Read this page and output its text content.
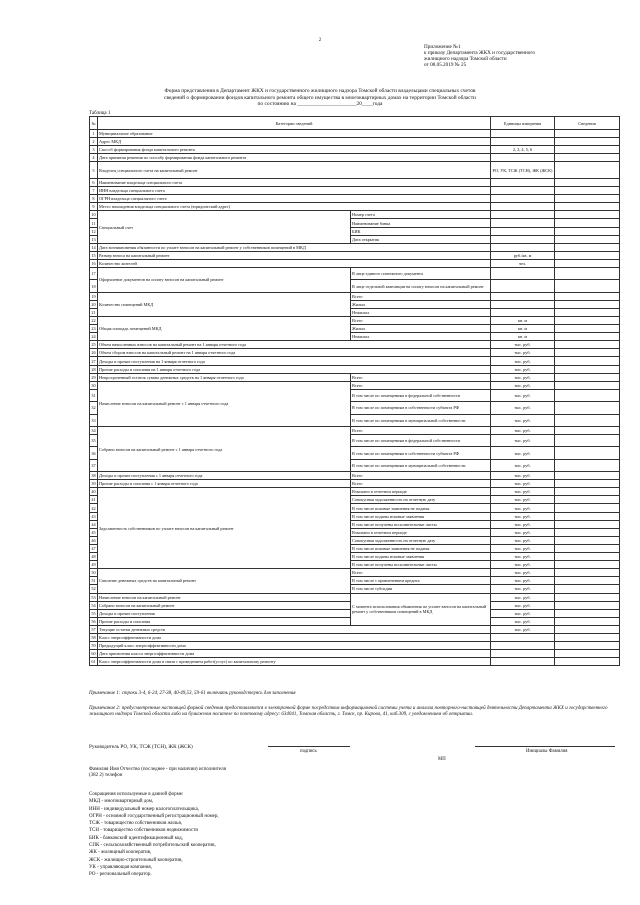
2
Приложение №1
к приказу Департамента ЖКХ и государственного
жилищного надзора Томской области
от 08.05.2019 № 25
Форма представления в Департамент ЖКХ и государственного жилищного надзора Томской области владельцами специальных счетов
сведений о формировании фондов капитального ремонта общего имущества в многоквартирных домах на территории Томской области
по состоянию на ______________________20____года
Таблица 1
№	Категории сведений		Единицы измерения	Сведения
1	Муниципальное образование			
2	Адрес МКД			
3	Способ формирования фонда капитального ремонта		2, 3, 4, 5, 6	
4	Дата принятия решения по способу формирования фонда капитального ремонта			
5	Владелец специального счета на капитальный ремонт		РО, УК, ТСЖ (ТСН), ЖК (ЖСК)	
6	Наименование владельца специального счета			
7	ИНН владельца специального счета			
8	ОГРН владельца специального счета			
9	Место нахождения владельца специального счета (юридический адрес)			
10	Специальный счет	Номер счета		
11		Наименование банка		
12		БИК		
13		Дата открытия		
14	Дата возникновения обязанности по уплате взносов на капитальный ремонт у собственников помещений в МКД			
15	Размер взноса на капитальный ремонт		руб./кв. м	
16	Количество жителей		чел.	
17	Оформление документов на оплату взносов на капитальный ремонт	В лице единого платежного документа		
18		В лице отдельной квитанции на оплату взносов на капитальный ремонт		
19	Количество помещений МКД	Всего		
20		Жилых		
21		Нежилых		
22	Общая площадь помещений МКД	Всего	кв. м	
23		Жилых	кв. м	
24		Нежилых	кв. м	
25	Объем начисленных взносов на капитальный ремонт на 1 января отчетного года		тыс. руб.	
26	Объем сбором взносов на капитальный ремонт на 1 января отчетного года		тыс. руб.	
27	Доходы и прочие поступления на 1 января отчетного года		тыс. руб.	
28	Прочие расходы и списания на 1 января отчетного года		тыс. руб.	
29	Непросроченный остаток суммы денежных средств на 1 января отчетного года	Всего	тыс. руб.	
30	Начисление взносов на капитальный ремонт с 1 января отчетного года	Всего	тыс. руб.	
31		В том числе по помещениям в федеральной собственности	тыс. руб.	
32		В том числе по помещениям в собственности субъекта РФ	тыс. руб.	
33		В том числе по помещениям в муниципальной собственности	тыс. руб.	
34	Собрано взносов на капитальный ремонт с 1 января отчетного года	Всего	тыс. руб.	
35		В том числе по помещениям в федеральной собственности	тыс. руб.	
36		В том числе по помещениям в собственности субъекта РФ	тыс. руб.	
37		В том числе по помещениям в муниципальной собственности	тыс. руб.	
38	Доходы и прочие поступления с 1 января отчетного года	Всего	тыс. руб.	
39	Прочие расходы и списания с 1 января отчетного года	Всего	тыс. руб.	
40	Задолженность собственников по уплате взносов на капитальный ремонт	Взыскано в отчетном периоде	тыс. руб.	
41		Совокупная задолженность на отчетную дату	тыс. руб.	
42		В том числе исковые заявления не поданы	тыс. руб.	
43		В том числе поданы исковые заявления	тыс. руб.	
44		В том числе получены исполнительные листы	тыс. руб.	
45		Взыскано в отчетном периоде	тыс. руб.	
46		Совокупная задолженность на отчетную дату	тыс. руб.	
47		В том числе исковые заявления не поданы	тыс. руб.	
48		В том числе поданы исковые заявления	тыс. руб.	
49		В том числе получены исполнительные листы	тыс. руб.	
50	Списание денежных средств на капитальный ремонт	Всего	тыс. руб.	
51		В том числе с привлечением кредита	тыс. руб.	
52		В том числе субсидии	тыс. руб.	
53	Начисление взносов на капитальный ремонт	С момента использования объявления по уплате взносов на капитальный ремонт у собственников помещений в МКД	тыс. руб.	
54	Собрано взносов на капитальный ремонт		тыс. руб.	
55	Доходы и прочие поступления		тыс. руб.	
56	Прочие расходы и списания		тыс. руб.	
57	Текущие остатки денежных средств		тыс. руб.	
58	Класс энергоэффективности дома			
59	Предыдущий класс энергоэффективности дома			
60	Дата присвоения класса энергоэффективности дома			
61	Класс энергоэффективности дома в связи с проведением работ(услуг) по капитальному ремонту			
Примечание 1: строки 3-4, 6-24, 27-38, 40-49,53, 59-61 включить руководствуясь для заполнения
Примечание 2: предусмотренные настоящей формой сведения предоставляются в электронной форме посредством информационной системы учета и анализа повторного-настоящей деятельности Департамента ЖКХ и государственного жилищного надзора Томской области либо на бумажном носителе по почтовому адресу: 634041, Томская область, г. Томск, пр. Кирова, 41, каб.309, с уведомлением об открытии.
Руководитель РО, УК, ТСЖ (ТСН), ЖК (ЖСК)
подпись
МП
Инициалы Фамилия
Фамилия Имя Отчество (последнее - при наличии) исполнителя
(382 2) телефон
Сокращения используемые в данной форме:
МКД - многоквартирный дом,
ИНН - индивидуальный номер налогоплательщика,
ОГРН - основной государственный регистрационный номер,
ТСЖ - товарищество собственников жилья,
ТСН - товарищество собственников недвижимости
БИК - банковский идентификационный код,
СПК - сельскохозяйственный потребительский кооператив,
ЖК - жилищный кооператив,
ЖСК - жилищно-строительный кооператив,
УК - управляющая компания,
РО - региональный оператор.
